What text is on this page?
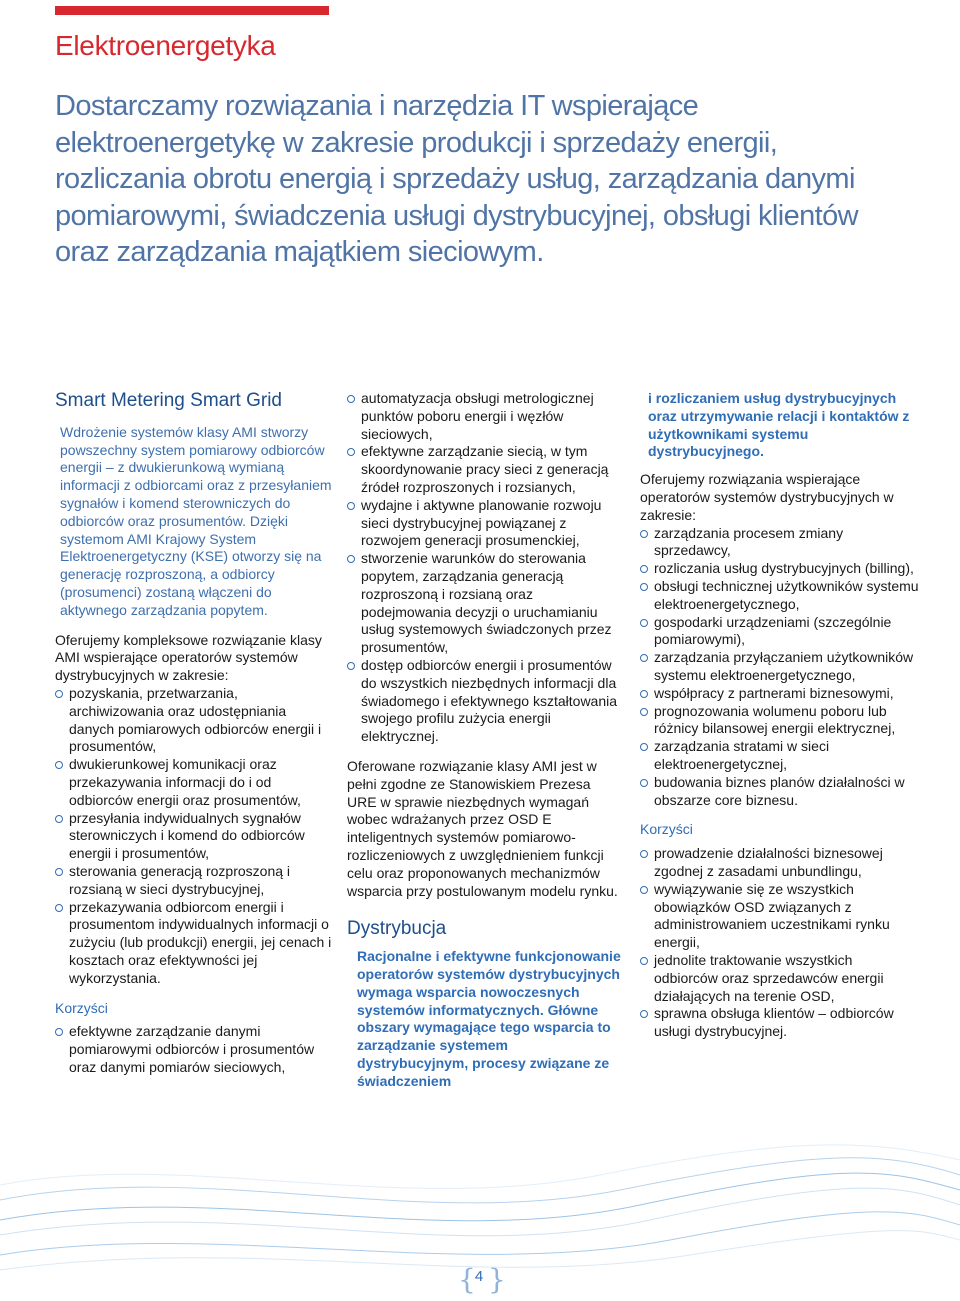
Elektroenergetyka

Dostarczamy rozwiązania i narzędzia IT wspierające elektroenergetykę w zakresie produkcji i sprzedaży energii, rozliczania obrotu energią i sprzedaży usług, zarządzania danymi pomiarowymi, świadczenia usługi dystrybucyjnej, obsługi klientów oraz zarządzania majątkiem sieciowym.

Smart Metering Smart Grid

Wdrożenie systemów klasy AMI stworzy powszechny system pomiarowy odbiorców energii – z dwukierunkową wymianą informacji z odbiorcami oraz z przesyłaniem sygnałów i komend sterowniczych do odbiorców oraz prosumentów. Dzięki systemom AMI Krajowy System Elektroenergetyczny (KSE) otworzy się na generację rozproszoną, a odbiorcy (prosumenci) zostaną włączeni do aktywnego zarządzania popytem.

Oferujemy kompleksowe rozwiązanie klasy AMI wspierające operatorów systemów dystrybucyjnych w zakresie:

pozyskania, przetwarzania, archiwizowania oraz udostępniania danych pomiarowych odbiorców energii i prosumentów,
dwukierunkowej komunikacji oraz przekazywania informacji do i od odbiorców energii oraz prosumentów,
przesyłania indywidualnych sygnałów sterowniczych i komend do odbiorców energii i prosumentów,
sterowania generacją rozproszoną i rozsianą w sieci dystrybucyjnej,
przekazywania odbiorcom energii i prosumentom indywidualnych informacji o zużyciu (lub produkcji) energii, jej cenach i kosztach oraz efektywności jej wykorzystania.
Korzyści
efektywne zarządzanie danymi pomiarowymi odbiorców i prosumentów oraz danymi pomiarów sieciowych,
automatyzacja obsługi metrologicznej punktów poboru energii i węzłów sieciowych,
efektywne zarządzanie siecią, w tym skoordynowanie pracy sieci z generacją źródeł rozproszonych i rozsianych,
wydajne i aktywne planowanie rozwoju sieci dystrybucyjnej powiązanej z rozwojem generacji prosumenckiej,
stworzenie warunków do sterowania popytem, zarządzania generacją rozproszoną i rozsianą oraz podejmowania decyzji o uruchamianiu usług systemowych świadczonych przez prosumentów,
dostęp odbiorców energii i prosumentów do wszystkich niezbędnych informacji dla świadomego i efektywnego kształtowania swojego profilu zużycia energii elektrycznej.

Oferowane rozwiązanie klasy AMI jest w pełni zgodne ze Stanowiskiem Prezesa URE w sprawie niezbędnych wymagań wobec wdrażanych przez OSD E inteligentnych systemów pomiarowo-rozliczeniowych z uwzględnieniem funkcji celu oraz proponowanych mechanizmów wsparcia przy postulowanym modelu rynku.

Dystrybucja

Racjonalne i efektywne funkcjonowanie operatorów systemów dystrybucyjnych wymaga wsparcia nowoczesnych systemów informatycznych. Główne obszary wymagające tego wsparcia to zarządzanie systemem dystrybucyjnym, procesy związane ze świadczeniem

i rozliczaniem usług dystrybucyjnych oraz utrzymywanie relacji i kontaktów z użytkownikami systemu dystrybucyjnego.

Oferujemy rozwiązania wspierające operatorów systemów dystrybucyjnych w zakresie:

zarządzania procesem zmiany sprzedawcy,
rozliczania usług dystrybucyjnych (billing),
obsługi technicznej użytkowników systemu elektroenergetycznego,
gospodarki urządzeniami (szczególnie pomiarowymi),
zarządzania przyłączaniem użytkowników systemu elektroenergetycznego,
współpracy z partnerami biznesowymi,
prognozowania wolumenu poboru lub różnicy bilansowej energii elektrycznej,
zarządzania stratami w sieci elektroenergetycznej,
budowania biznes planów działalności w obszarze core biznesu.
Korzyści
prowadzenie działalności biznesowej zgodnej z zasadami unbundlingu,
wywiązywanie się ze wszystkich obowiązków OSD związanych z administrowaniem uczestnikami rynku energii,
jednolite traktowanie wszystkich odbiorców oraz sprzedawców energii działających na terenie OSD,
sprawna obsługa klientów – odbiorców usługi dystrybucyjnej.
{ 4 }
